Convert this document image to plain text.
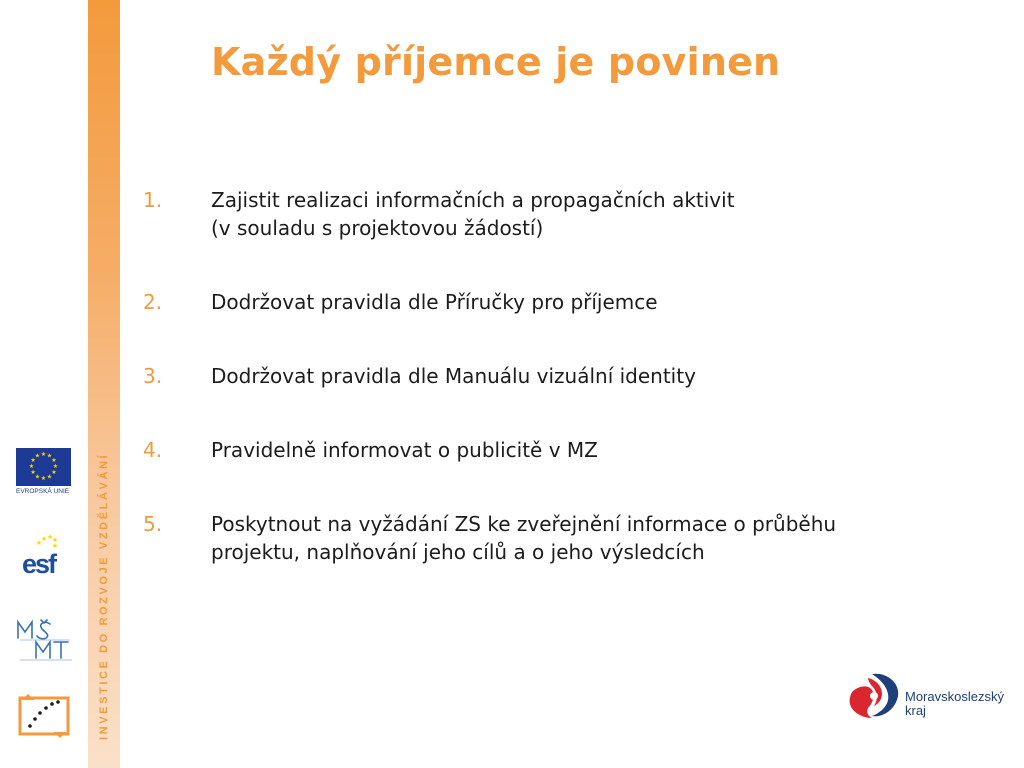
INVESTICE DO ROZVOJE VZDĚLÁVÁNÍ
Každý příjemce je povinen
1. Zajistit realizaci informačních a propagačních aktivit
(v souladu s projektovou žádostí)
2. Dodržovat pravidla dle Příručky pro příjemce
3. Dodržovat pravidla dle Manuálu vizuální identity
4. Pravidelně informovat o publicitě v MZ
5. Poskytnout na vyžádání ZS ke zveřejnění informace o průběhu
projektu, naplňování jeho cílů a o jeho výsledcích
★ ★
★
★
★
★
★
★
★
★
★
★
EVROPSKÁ UNIE
★ ★
★
★ ★
esf
Moravskoslezský
kraj
